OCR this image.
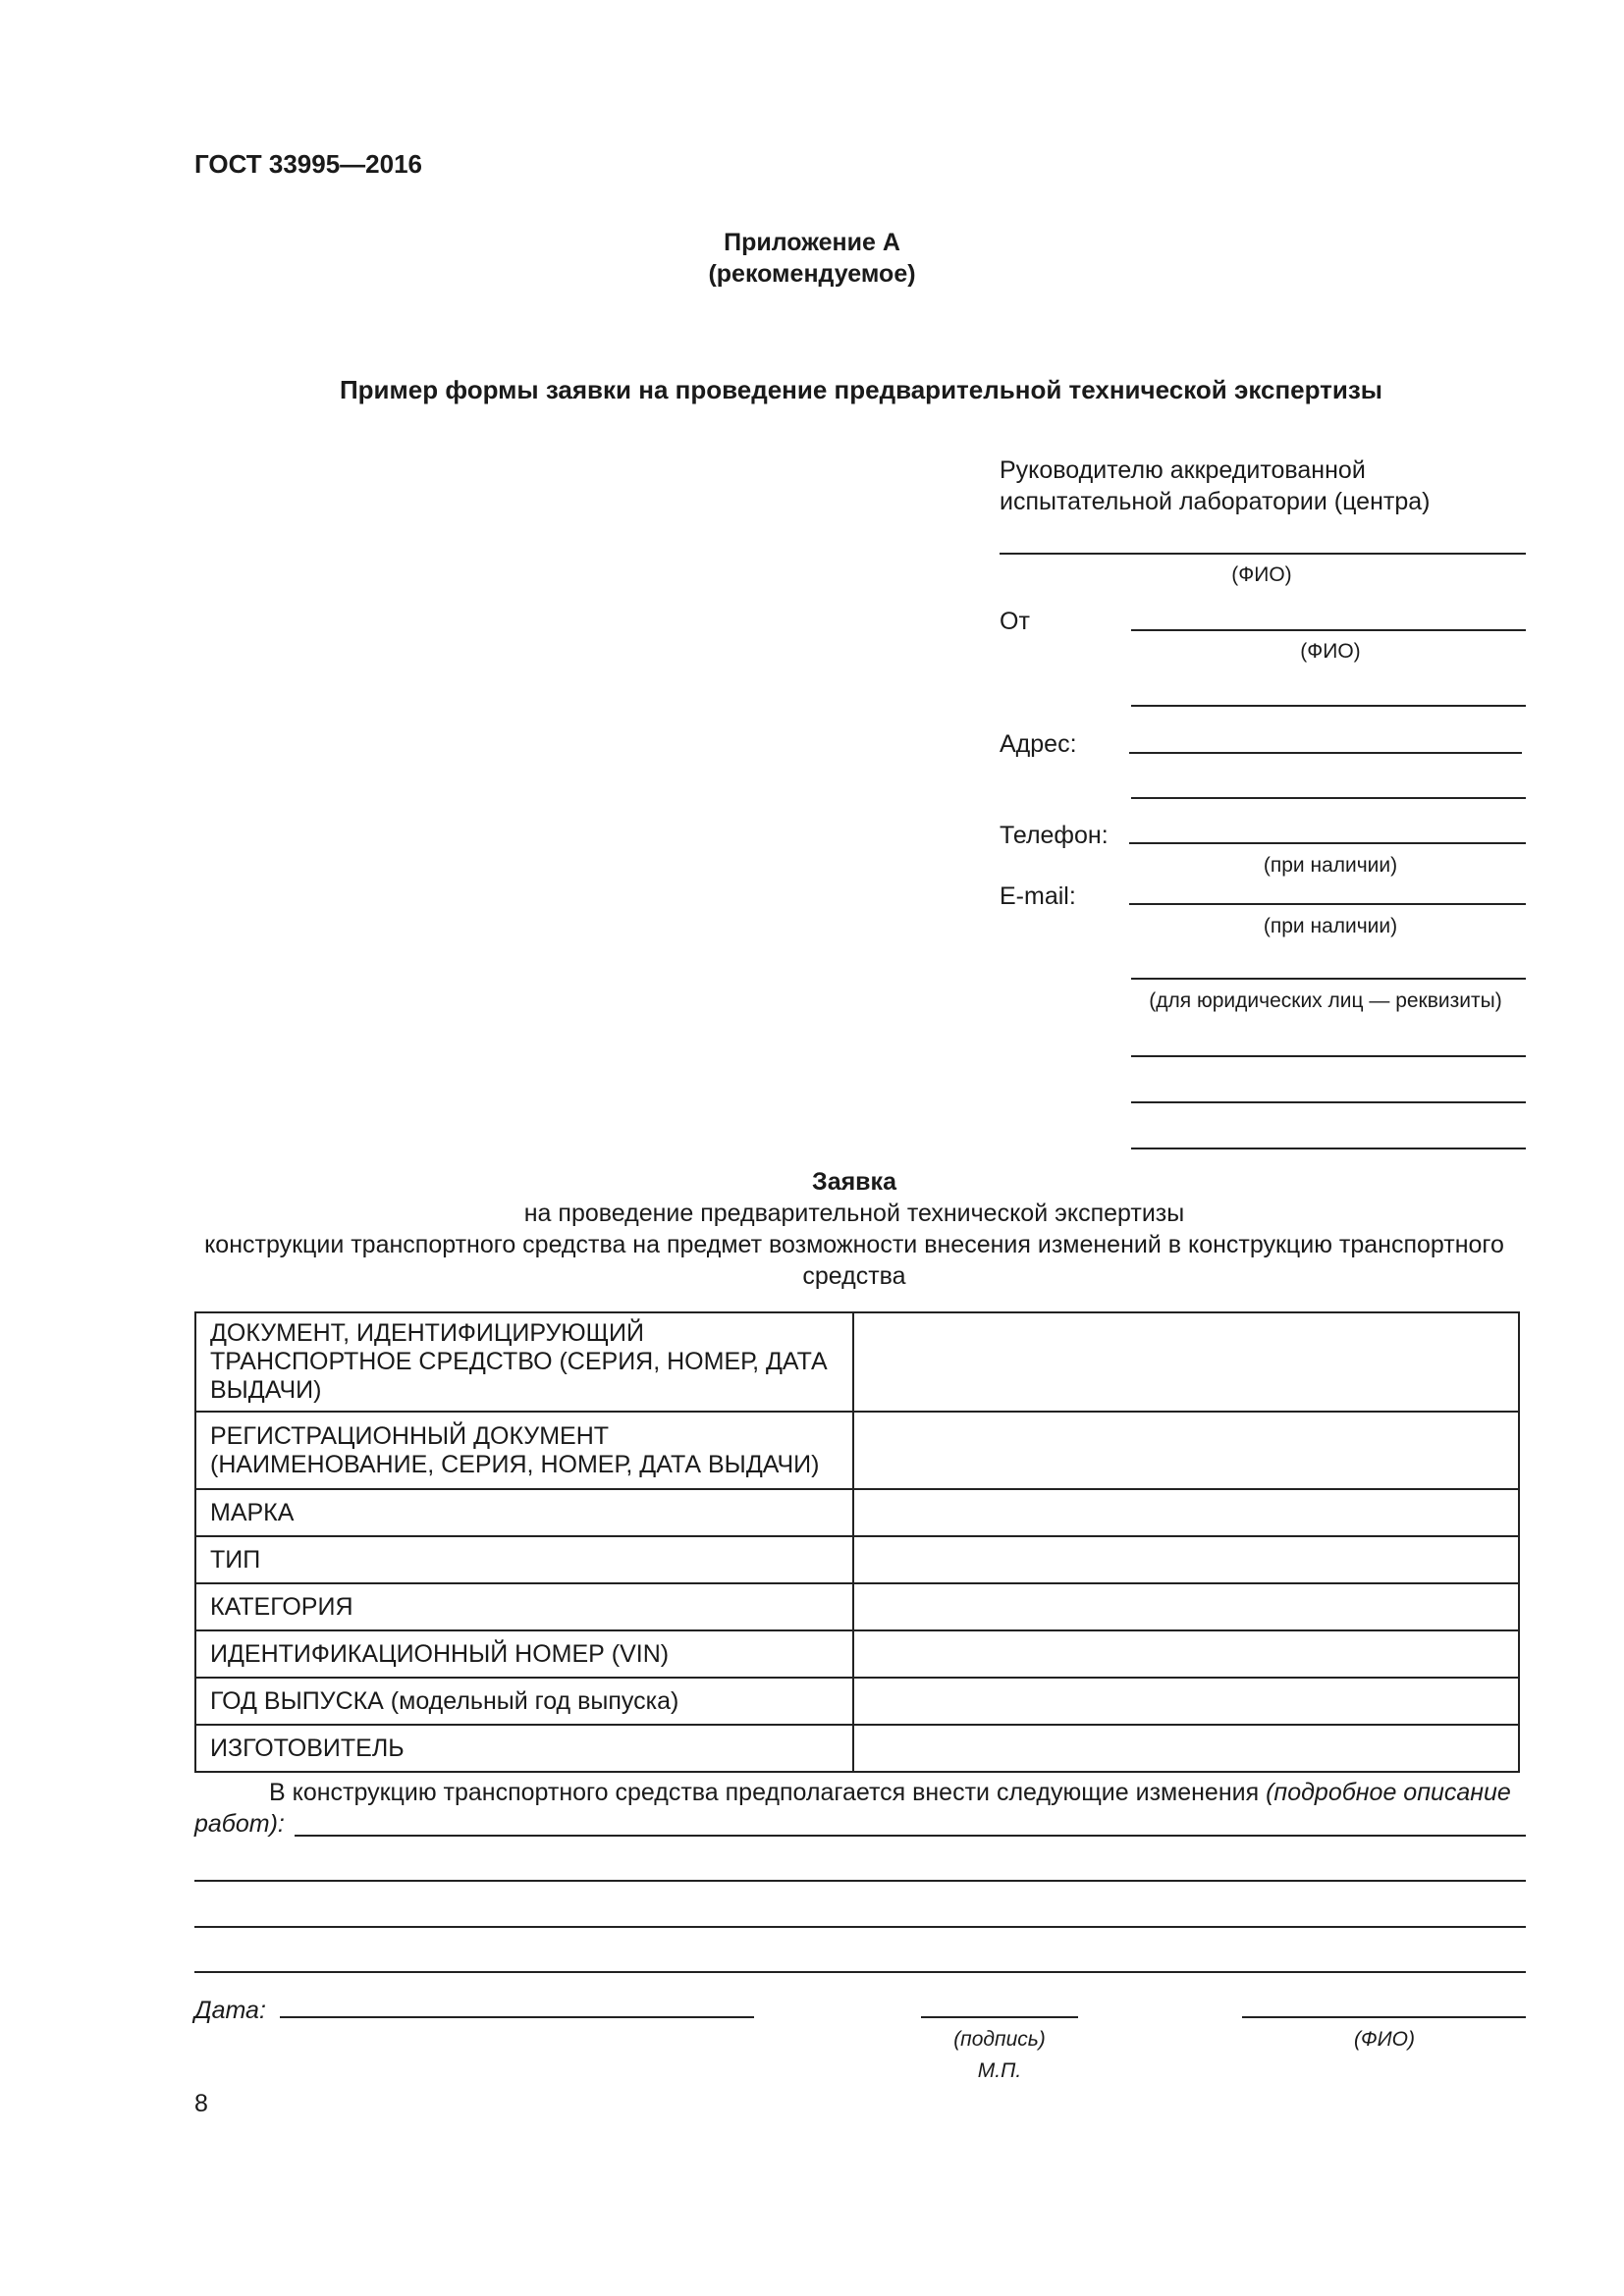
ГОСТ 33995—2016
Приложение А
(рекомендуемое)
Пример формы заявки на проведение предварительной технической экспертизы
Руководителю аккредитованной
испытательной лаборатории (центра)
(ФИО)
От
(ФИО)
Адрес:
Телефон:
(при наличии)
E-mail:
(при наличии)
(для юридических лиц — реквизиты)
Заявка
на проведение предварительной технической экспертизы
конструкции транспортного средства на предмет возможности внесения изменений в конструкцию транспортного
средства
ДОКУМЕНТ, ИДЕНТИФИЦИРУЮЩИЙ ТРАНСПОРТНОЕ СРЕДСТВО (СЕРИЯ, НОМЕР, ДАТА ВЫДАЧИ)	
РЕГИСТРАЦИОННЫЙ ДОКУМЕНТ (НАИМЕНОВАНИЕ, СЕРИЯ, НОМЕР, ДАТА ВЫДАЧИ)	
МАРКА	
ТИП	
КАТЕГОРИЯ	
ИДЕНТИФИКАЦИОННЫЙ НОМЕР (VIN)	
ГОД ВЫПУСКА (модельный год выпуска)	
ИЗГОТОВИТЕЛЬ	
В конструкцию транспортного средства предполагается внести следующие изменения (подробное описание работ):
Дата:
(подпись)
М.П.
(ФИО)
8
